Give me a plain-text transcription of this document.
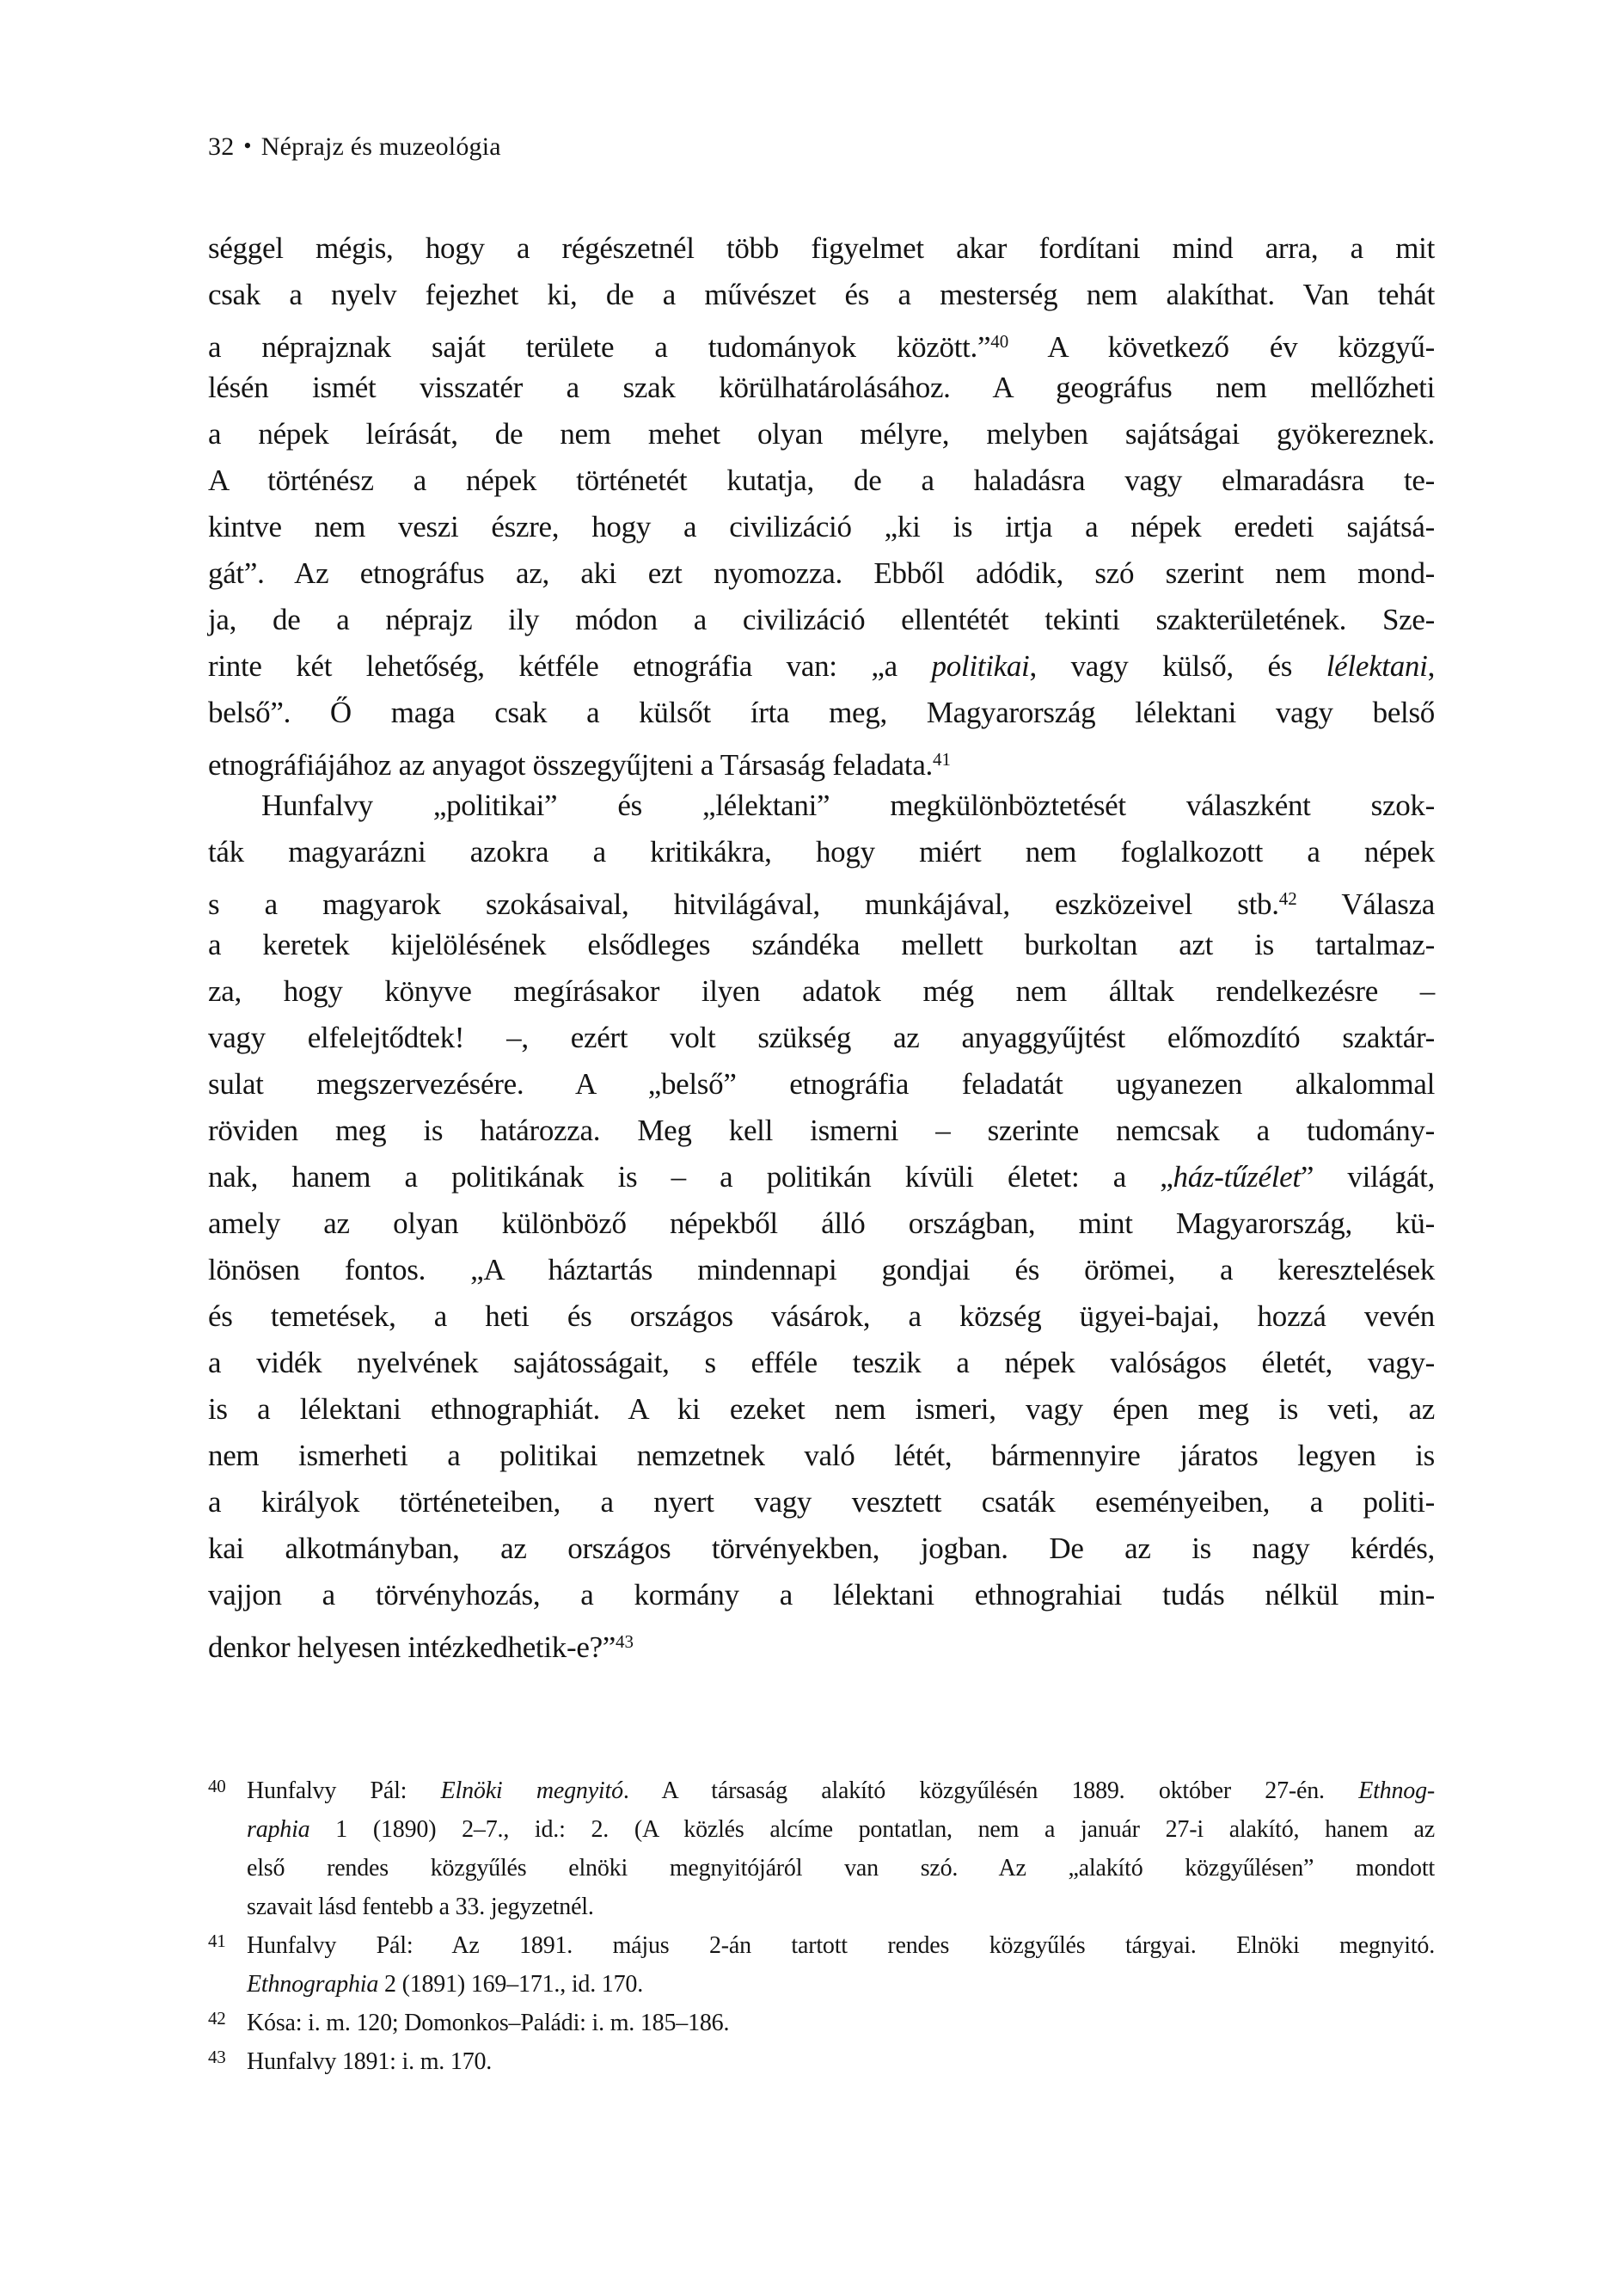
32 • Néprajz és muzeológia
séggel mégis, hogy a régészetnél több figyelmet akar fordítani mind arra, a mit
csak a nyelv fejezhet ki, de a művészet és a mesterség nem alakíthat. Van tehát
a néprajznak saját területe a tudományok között.”$^{40}$ A következő év közgyű-
lésén ismét visszatér a szak körülhatárolásához. A geográfus nem mellőzheti
a népek leírását, de nem mehet olyan mélyre, melyben sajátságai gyökereznek.
A történész a népek történetét kutatja, de a haladásra vagy elmaradásra te-
kintve nem veszi észre, hogy a civilizáció „ki is irtja a népek eredeti sajátsá-
gát”. Az etnográfus az, aki ezt nyomozza. Ebből adódik, szó szerint nem mond-
ja, de a néprajz ily módon a civilizáció ellentétét tekinti szakterületének. Sze-
rinte két lehetőség, kétféle etnográfia van: „a politikai, vagy külső, és lélektani,
belső”. Ő maga csak a külsőt írta meg, Magyarország lélektani vagy belső
etnográfiájához az anyagot összegyűjteni a Társaság feladata.$^{41}$
Hunfalvy „politikai” és „lélektani” megkülönböztetését válaszként szok-
ták magyarázni azokra a kritikákra, hogy miért nem foglalkozott a népek
s a magyarok szokásaival, hitvilágával, munkájával, eszközeivel stb.$^{42}$ Válasza
a keretek kijelölésének elsődleges szándéka mellett burkoltan azt is tartalmaz-
za, hogy könyve megírásakor ilyen adatok még nem álltak rendelkezésre –
vagy elfelejtődtek! –, ezért volt szükség az anyaggyűjtést előmozdító szaktár-
sulat megszervezésére. A „belső” etnográfia feladatát ugyanezen alkalommal
röviden meg is határozza. Meg kell ismerni – szerinte nemcsak a tudomány-
nak, hanem a politikának is – a politikán kívüli életet: a „ház-tűzélet” világát,
amely az olyan különböző népekből álló országban, mint Magyarország, kü-
lönösen fontos. „A háztartás mindennapi gondjai és örömei, a keresztelések
és temetések, a heti és országos vásárok, a község ügyei-bajai, hozzá vevén
a vidék nyelvének sajátosságait, s efféle teszik a népek valóságos életét, vagy-
is a lélektani ethnographiát. A ki ezeket nem ismeri, vagy épen meg is veti, az
nem ismerheti a politikai nemzetnek való létét, bármennyire járatos legyen is
a királyok történeteiben, a nyert vagy vesztett csaták eseményeiben, a politi-
kai alkotmányban, az országos törvényekben, jogban. De az is nagy kérdés,
vajjon a törvényhozás, a kormány a lélektani ethnograhiai tudás nélkül min-
denkor helyesen intézkedhetik-e?”$^{43}$
40 Hunfalvy Pál: Elnöki megnyitó. A társaság alakító közgyűlésén 1889. október 27-én. Ethnog-
raphia 1 (1890) 2–7., id.: 2. (A közlés alcíme pontatlan, nem a január 27-i alakító, hanem az
első rendes közgyűlés elnöki megnyitójáról van szó. Az „alakító közgyűlésen” mondott
szavait lásd fentebb a 33. jegyzetnél.
41 Hunfalvy Pál: Az 1891. május 2-án tartott rendes közgyűlés tárgyai. Elnöki megnyitó.
Ethnographia 2 (1891) 169–171., id. 170.
42 Kósa: i. m. 120; Domonkos–Paládi: i. m. 185–186.
43 Hunfalvy 1891: i. m. 170.
